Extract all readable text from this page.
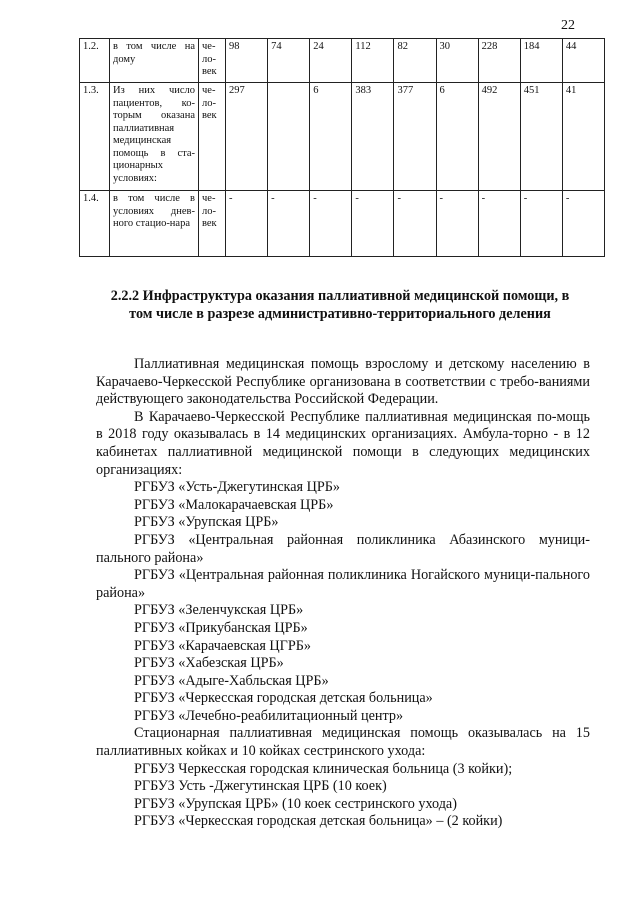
22
1.2.	в том числе на дому	че-ло-век	98	74	24	112	82	30	228	184	44
1.3.	Из них число пациентов, ко-торым оказана паллиативная медицинская помощь в ста-ционарных условиях:	че-ло-век	297		6	383	377	6	492	451	41
1.4.	в том числе в условиях днев-ного стацио-нара	че-ло-век	-	-	-	-	-	-	-	-	-
2.2.2 Инфраструктура оказания паллиативной медицинской помощи, в том числе в разрезе административно-территориального деления

Паллиативная медицинская помощь взрослому и детскому населению в Карачаево-Черкесской Республике организована в соответствии с требо-ваниями действующего законодательства Российской Федерации.

В Карачаево-Черкесской Республике паллиативная медицинская по-мощь в 2018 году оказывалась в 14 медицинских организациях. Амбула-торно - в 12 кабинетах паллиативной медицинской помощи в следующих медицинских организациях:

РГБУЗ «Усть-Джегутинская ЦРБ»

РГБУЗ «Малокарачаевская ЦРБ»

РГБУЗ «Урупская ЦРБ»

РГБУЗ «Центральная районная поликлиника Абазинского муници-пального района»

РГБУЗ «Центральная районная поликлиника Ногайского муници-пального района»

РГБУЗ «Зеленчукская ЦРБ»

РГБУЗ «Прикубанская ЦРБ»

РГБУЗ «Карачаевская ЦГРБ»

РГБУЗ «Хабезская ЦРБ»

РГБУЗ «Адыге-Хабльская ЦРБ»

РГБУЗ «Черкесская городская детская больница»

РГБУЗ «Лечебно-реабилитационный центр»

Стационарная паллиативная медицинская помощь оказывалась на 15 паллиативных койках и 10 койках сестринского ухода:

РГБУЗ Черкесская городская клиническая больница (3 койки);

РГБУЗ Усть -Джегутинская ЦРБ (10 коек)

РГБУЗ «Урупская ЦРБ» (10 коек сестринского ухода)

РГБУЗ «Черкесская городская детская больница» – (2 койки)
